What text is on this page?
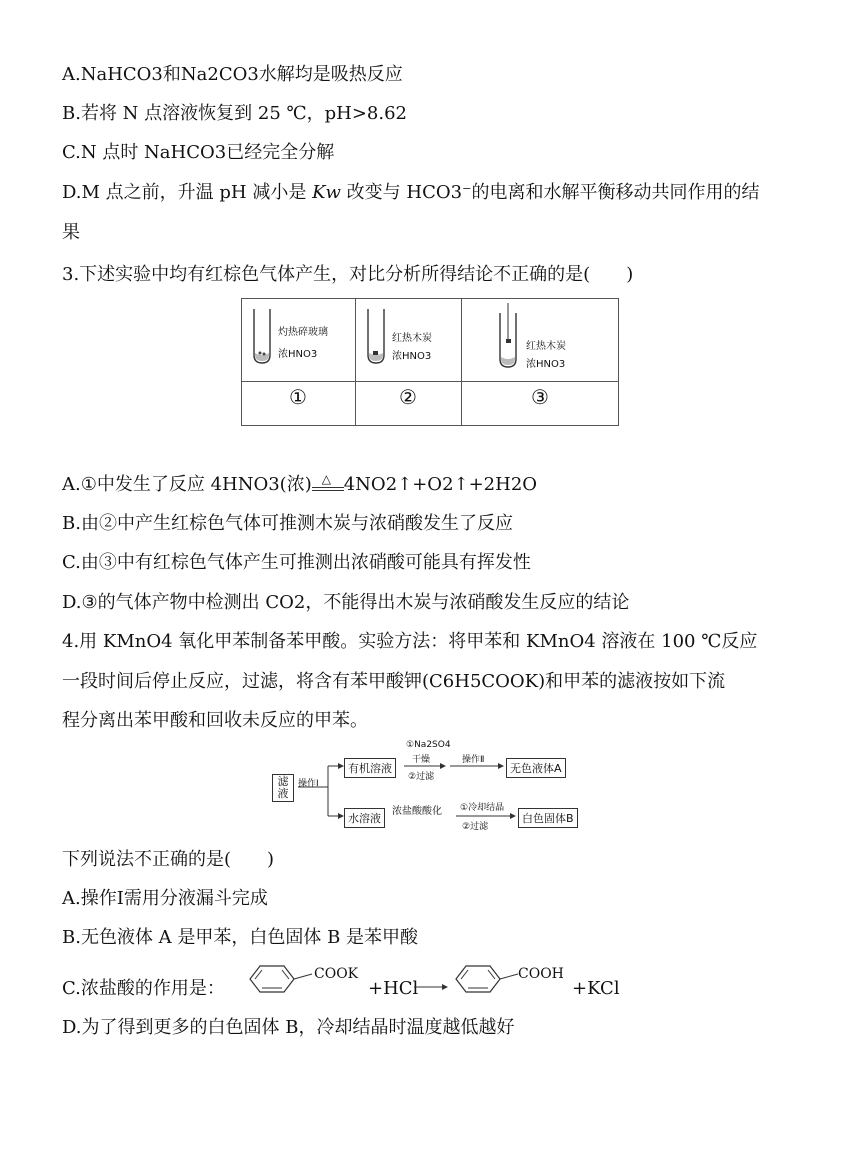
A.NaHCO3和Na2CO3水解均是吸热反应
B.若将 N 点溶液恢复到 25 ℃，pH>8.62
C.N 点时 NaHCO3已经完全分解
D.M 点之前，升温 pH 减小是 Kw 改变与 HCO3⁻的电离和水解平衡移动共同作用的结
果
3.下述实验中均有红棕色气体产生，对比分析所得结论不正确的是(　　)
灼热碎玻璃
浓HNO3
红热木炭
浓HNO3
红热木炭
浓HNO3
①	②	③
A.①中发生了反应 4HNO3(浓) △ 4NO2↑+O2↑+2H2O
B.由②中产生红棕色气体可推测木炭与浓硝酸发生了反应
C.由③中有红棕色气体产生可推测出浓硝酸可能具有挥发性
D.③的气体产物中检测出 CO2，不能得出木炭与浓硝酸发生反应的结论
4.用 KMnO4 氧化甲苯制备苯甲酸。实验方法：将甲苯和 KMnO4 溶液在 100 ℃反应
一段时间后停止反应，过滤，将含有苯甲酸钾(C6H5COOK)和甲苯的滤液按如下流
程分离出苯甲酸和回收未反应的甲苯。
滤液
操作Ⅰ
有机溶液
①Na2SO4
干燥
②过滤
操作Ⅱ
无色液体A
水溶液
浓盐酸酸化 ①冷却结晶
②过滤
白色固体B
下列说法不正确的是(　　)
A.操作Ⅰ需用分液漏斗完成
B.无色液体 A 是甲苯，白色固体 B 是苯甲酸
C.浓盐酸的作用是：
COOK
+HCl
COOH
+KCl
D.为了得到更多的白色固体 B，冷却结晶时温度越低越好
